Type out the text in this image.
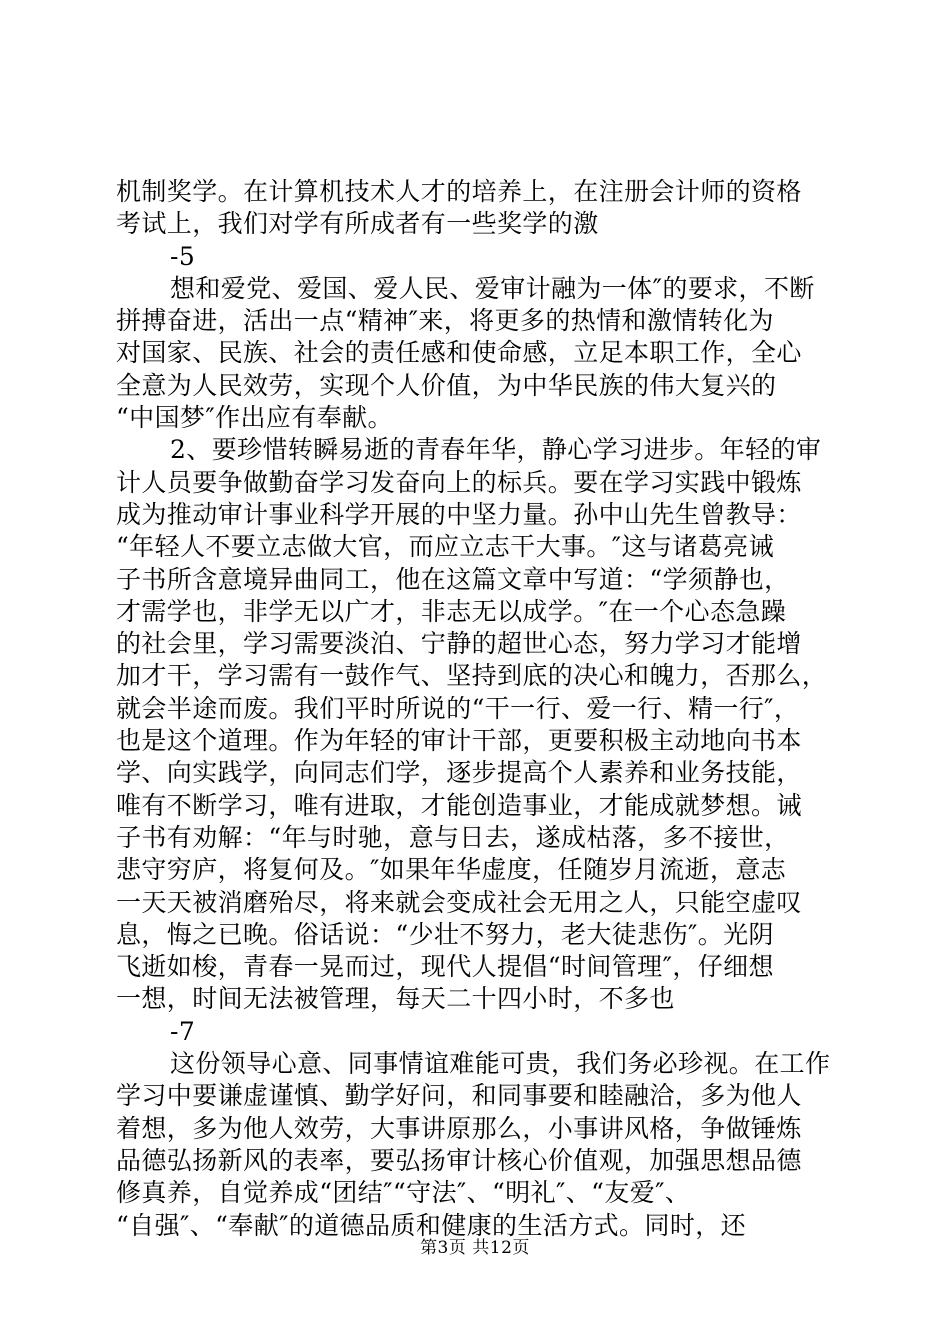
机制奖学。在计算机技术人才的培养上，在注册会计师的资格
考试上，我们对学有所成者有一些奖学的激
-5
想和爱党、爱国、爱人民、爱审计融为一体″的要求，不断
拼搏奋进，活出一点“精神″来，将更多的热情和激情转化为
对国家、民族、社会的责任感和使命感，立足本职工作，全心
全意为人民效劳，实现个人价值，为中华民族的伟大复兴的
“中国梦″作出应有奉献。
2、要珍惜转瞬易逝的青春年华，静心学习进步。年轻的审
计人员要争做勤奋学习发奋向上的标兵。要在学习实践中锻炼
成为推动审计事业科学开展的中坚力量。孙中山先生曾教导：
“年轻人不要立志做大官，而应立志干大事。″这与诸葛亮诫
子书所含意境异曲同工，他在这篇文章中写道：“学须静也，
才需学也，非学无以广才，非志无以成学。″在一个心态急躁
的社会里，学习需要淡泊、宁静的超世心态，努力学习才能增
加才干，学习需有一鼓作气、坚持到底的决心和魄力，否那么，
就会半途而废。我们平时所说的“干一行、爱一行、精一行″，
也是这个道理。作为年轻的审计干部，更要积极主动地向书本
学、向实践学，向同志们学，逐步提高个人素养和业务技能，
唯有不断学习，唯有进取，才能创造事业，才能成就梦想。诫
子书有劝解：“年与时驰，意与日去，遂成枯落，多不接世，
悲守穷庐，将复何及。″如果年华虚度，任随岁月流逝，意志
一天天被消磨殆尽，将来就会变成社会无用之人，只能空虚叹
息，悔之已晚。俗话说：“少壮不努力，老大徒悲伤″。光阴
飞逝如梭，青春一晃而过，现代人提倡“时间管理″，仔细想
一想，时间无法被管理，每天二十四小时，不多也
-7
这份领导心意、同事情谊难能可贵，我们务必珍视。在工作
学习中要谦虚谨慎、勤学好问，和同事要和睦融洽，多为他人
着想，多为他人效劳，大事讲原那么，小事讲风格，争做锤炼
品德弘扬新风的表率，要弘扬审计核心价值观，加强思想品德
修真养，自觉养成“团结″“守法″、“明礼″、“友爱″、
“自强″、“奉献″的道德品质和健康的生活方式。同时，还
第3页 共12页
